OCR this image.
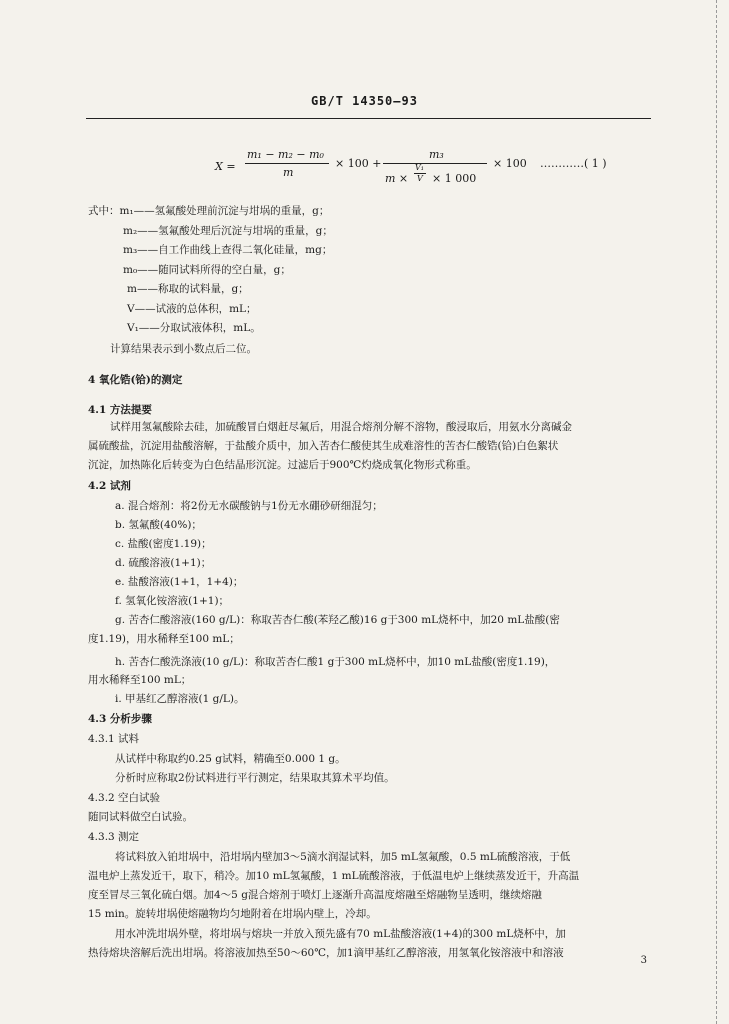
GB/T 14350—93
X =
m₁ − m₂ − m₀
m
× 100 +
m₃
m ×
V₁
V × 1 000
× 100 …………( 1 )
式中：m₁——氢氟酸处理前沉淀与坩埚的重量，g；
m₂——氢氟酸处理后沉淀与坩埚的重量，g；
m₃——自工作曲线上查得二氧化硅量，mg；
m₀——随同试料所得的空白量，g；
m——称取的试料量，g；
V——试液的总体积，mL；
V₁——分取试液体积，mL。
计算结果表示到小数点后二位。
4 氧化锆(铪)的测定
4.1 方法提要
试样用氢氟酸除去硅，加硫酸冒白烟赶尽氟后，用混合熔剂分解不溶物，酸浸取后，用氨水分离碱金
属硫酸盐，沉淀用盐酸溶解，于盐酸介质中，加入苦杏仁酸使其生成难溶性的苦杏仁酸锆(铪)白色絮状
沉淀，加热陈化后转变为白色结晶形沉淀。过滤后于900℃灼烧成氧化物形式称重。
4.2 试剂
a. 混合熔剂：将2份无水碳酸钠与1份无水硼砂研细混匀；
b. 氢氟酸(40%)；
c. 盐酸(密度1.19)；
d. 硫酸溶液(1+1)；
e. 盐酸溶液(1+1，1+4)；
f. 氢氧化铵溶液(1+1)；
g. 苦杏仁酸溶液(160 g/L)：称取苦杏仁酸(苯羟乙酸)16 g于300 mL烧杯中，加20 mL盐酸(密
度1.19)，用水稀释至100 mL；
h. 苦杏仁酸洗涤液(10 g/L)：称取苦杏仁酸1 g于300 mL烧杯中，加10 mL盐酸(密度1.19)，
用水稀释至100 mL；
i. 甲基红乙醇溶液(1 g/L)。
4.3 分析步骤
4.3.1 试料
从试样中称取约0.25 g试料，精确至0.000 1 g。
分析时应称取2份试料进行平行测定，结果取其算术平均值。
4.3.2 空白试验
随同试料做空白试验。
4.3.3 测定
将试料放入铂坩埚中，沿坩埚内壁加3～5滴水润湿试料，加5 mL氢氟酸，0.5 mL硫酸溶液，于低
温电炉上蒸发近干，取下，稍冷。加10 mL氢氟酸，1 mL硫酸溶液，于低温电炉上继续蒸发近干，升高温
度至冒尽三氧化硫白烟。加4～5 g混合熔剂于喷灯上逐渐升高温度熔融至熔融物呈透明，继续熔融
15 min。旋转坩埚使熔融物均匀地附着在坩埚内壁上，冷却。
用水冲洗坩埚外壁，将坩埚与熔块一并放入预先盛有70 mL盐酸溶液(1+4)的300 mL烧杯中，加
热待熔块溶解后洗出坩埚。将溶液加热至50～60℃，加1滴甲基红乙醇溶液，用氢氧化铵溶液中和溶液
3
